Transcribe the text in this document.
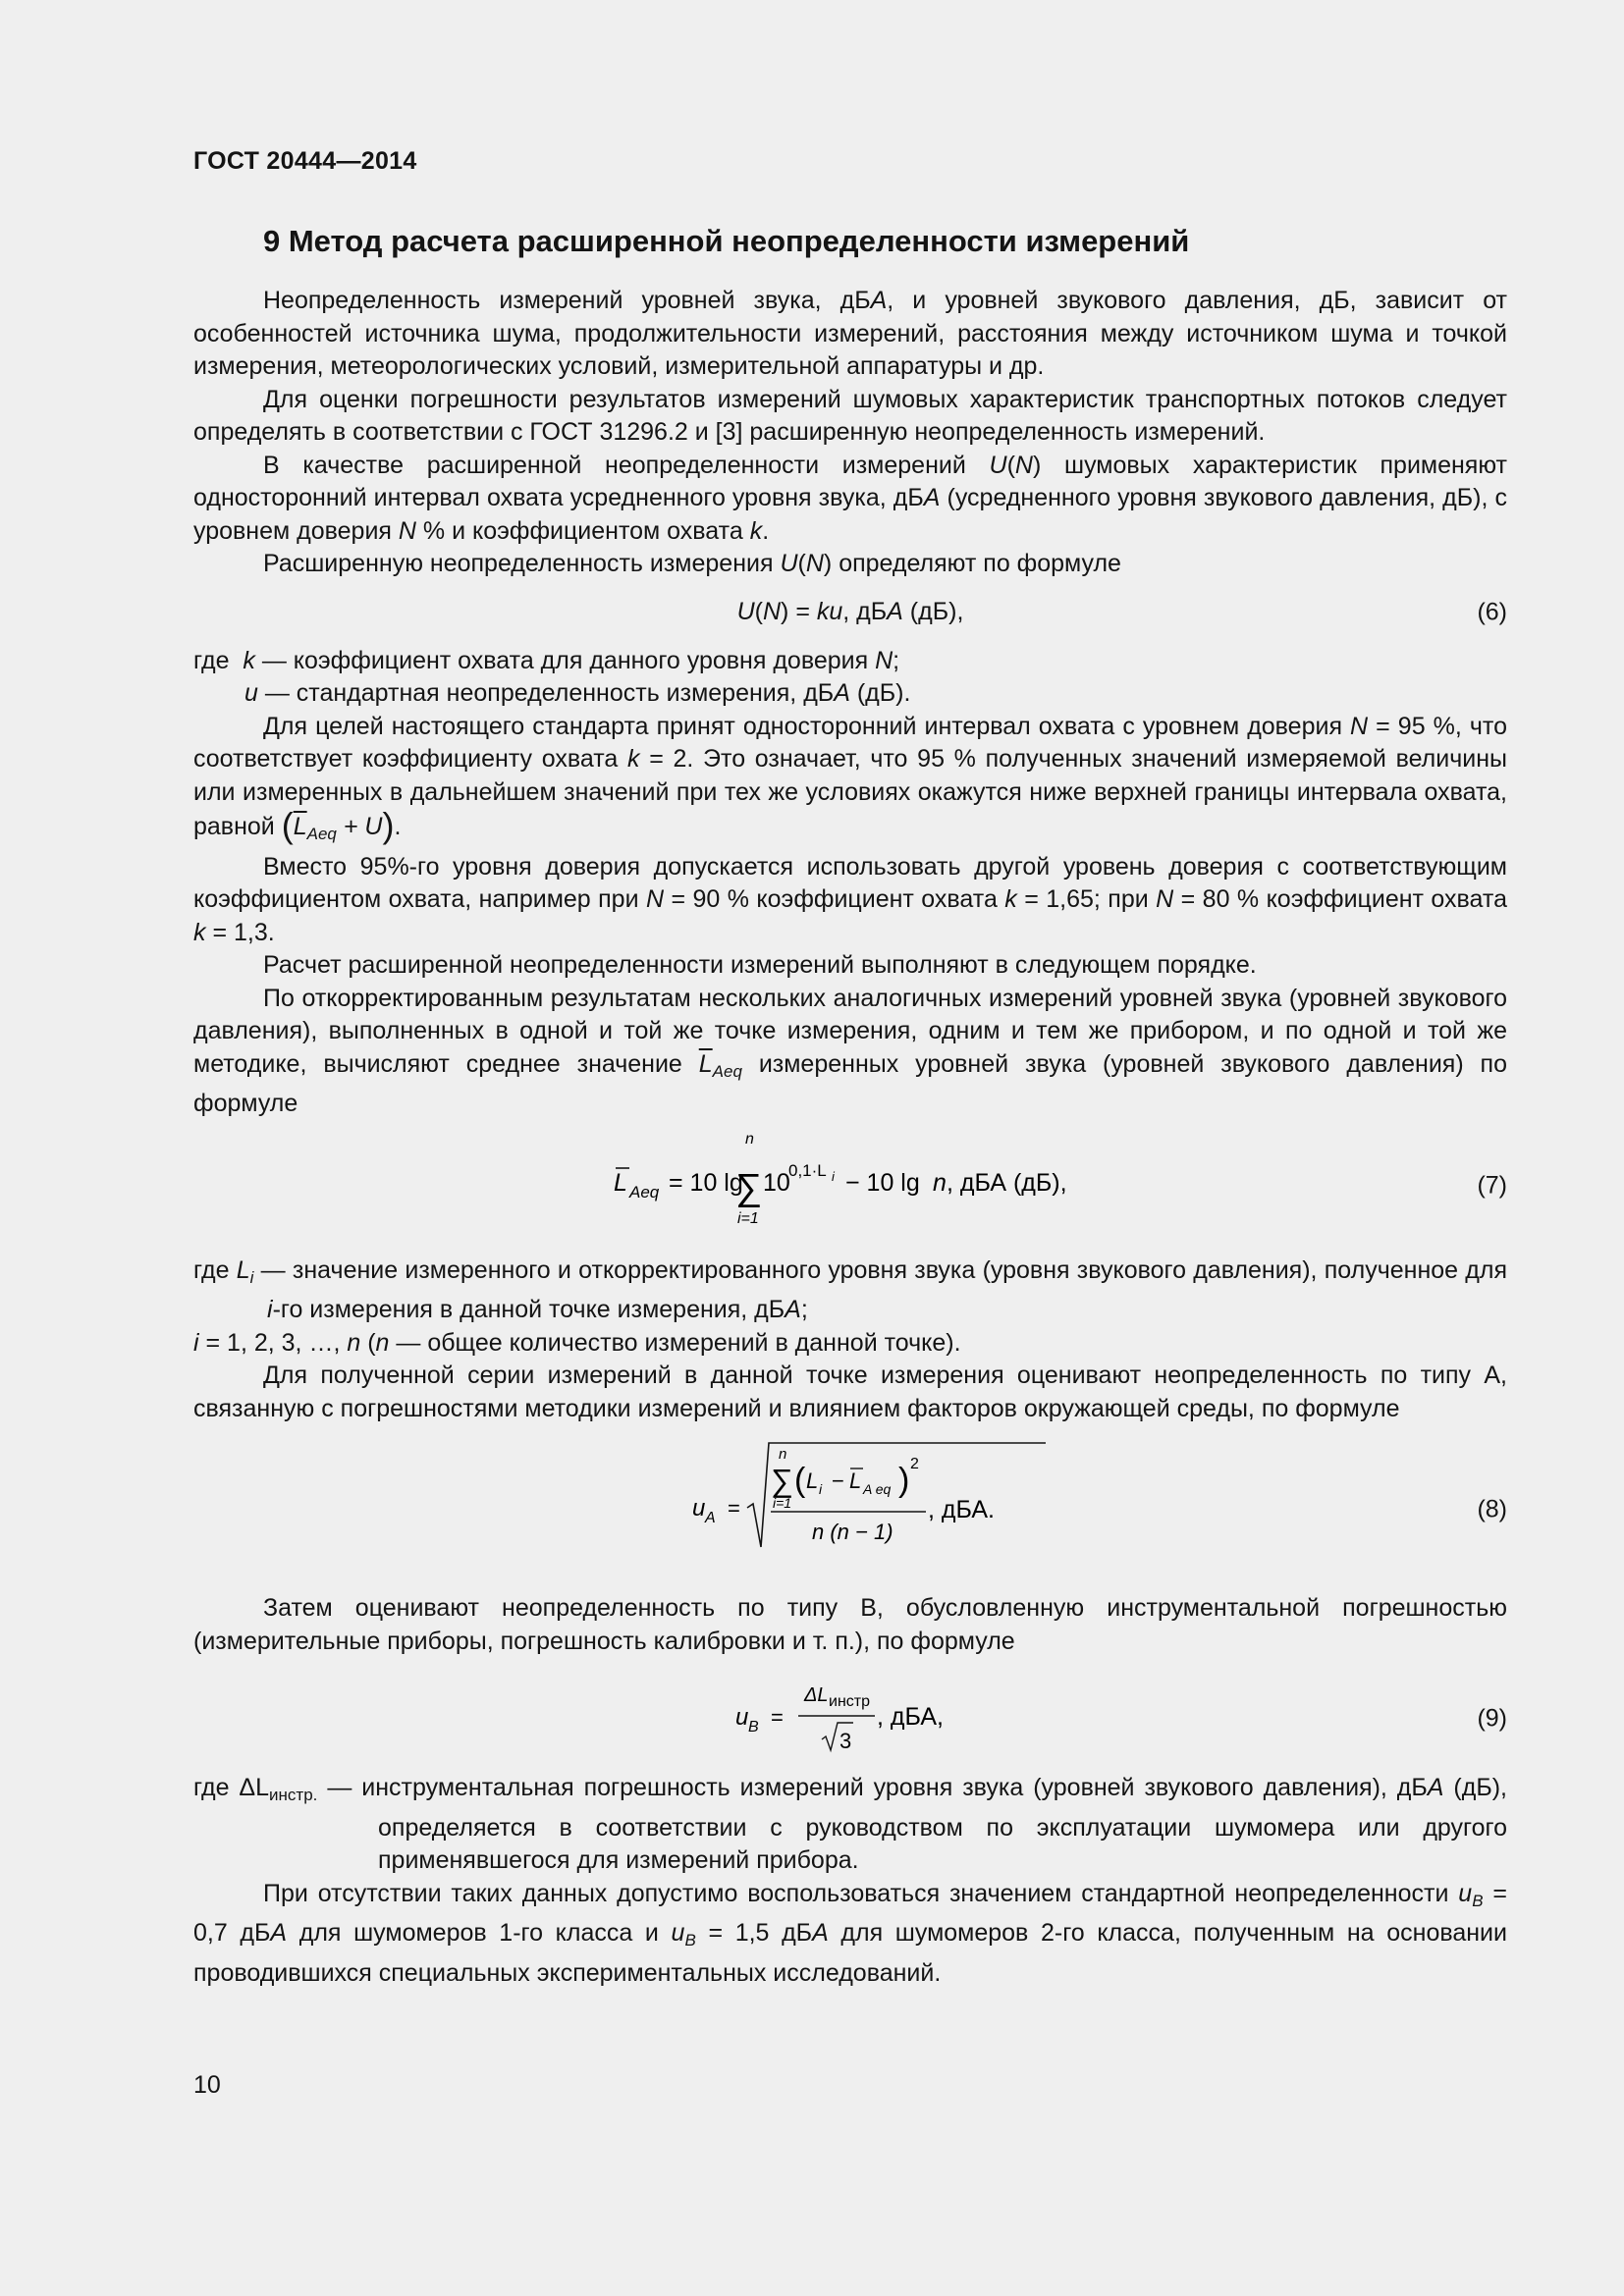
ГОСТ 20444—2014
9 Метод расчета расширенной неопределенности измерений

Неопределенность измерений уровней звука, дБА, и уровней звукового давления, дБ, зависит от особенностей источника шума, продолжительности измерений, расстояния между источником шума и точкой измерения, метеорологических условий, измерительной аппаратуры и др.

Для оценки погрешности результатов измерений шумовых характеристик транспортных потоков следует определять в соответствии с ГОСТ 31296.2 и [3] расширенную неопределенность измерений.

В качестве расширенной неопределенности измерений U(N) шумовых характеристик применяют односторонний интервал охвата усредненного уровня звука, дБА (усредненного уровня звукового давления, дБ), с уровнем доверия N % и коэффициентом охвата k.

Расширенную неопределенность измерения U(N) определяют по формуле

U(N) = ku, дБА (дБ),	(6)

где k — коэффициент охвата для данного уровня доверия N;

u — стандартная неопределенность измерения, дБА (дБ).

Для целей настоящего стандарта принят односторонний интервал охвата с уровнем доверия N = 95 %, что соответствует коэффициенту охвата k = 2. Это означает, что 95 % полученных значений измеряемой величины или измеренных в дальнейшем значений при тех же условиях окажутся ниже верхней границы интервала охвата, равной $(\overline{L}_{Aeq} + U)$.

Вместо 95%-го уровня доверия допускается использовать другой уровень доверия с соответствующим коэффициентом охвата, например при N = 90 % коэффициент охвата k = 1,65; при N = 80 % коэффициент охвата k = 1,3.

Расчет расширенной неопределенности измерений выполняют в следующем порядке.

По откорректированным результатам нескольких аналогичных измерений уровней звука (уровней звукового давления), выполненных в одной и той же точке измерения, одним и тем же прибором, и по одной и той же методике, вычисляют среднее значение $\overline{L}_{Aeq}$ измеренных уровней звука (уровней звукового давления) по формуле

L Aeq = 10 lg
n
∑
i=1
10
0,1·L i − 10 lg n , дБА (дБ),	(7)

где $L_i$ — значение измеренного и откорректированного уровня звука (уровня звукового давления), полученное для i-го измерения в данной точке измерения, дБА;

i = 1, 2, 3, …, n (n — общее количество измерений в данной точке).

Для полученной серии измерений в данной точке измерения оценивают неопределенность по типу А, связанную с погрешностями методики измерений и влиянием факторов окружающей среды, по формуле

u A =
n
∑
i=1
( L i − L A eq ) 2
n (n − 1)
, дБА.	(8)

Затем оценивают неопределенность по типу В, обусловленную инструментальной погрешностью (измерительные приборы, погрешность калибровки и т. п.), по формуле

u B =
ΔL инстр
3
, дБА,	(9)

где $\Delta L_{инстр.}$ — инструментальная погрешность измерений уровня звука (уровней звукового давления), дБА (дБ), определяется в соответствии с руководством по эксплуатации шумомера или другого применявшегося для измерений прибора.

При отсутствии таких данных допустимо воспользоваться значением стандартной неопределенности $u_B = 0,7$ дБА для шумомеров 1-го класса и $u_B = 1,5$ дБА для шумомеров 2-го класса, полученным на основании проводившихся специальных экспериментальных исследований.

10
